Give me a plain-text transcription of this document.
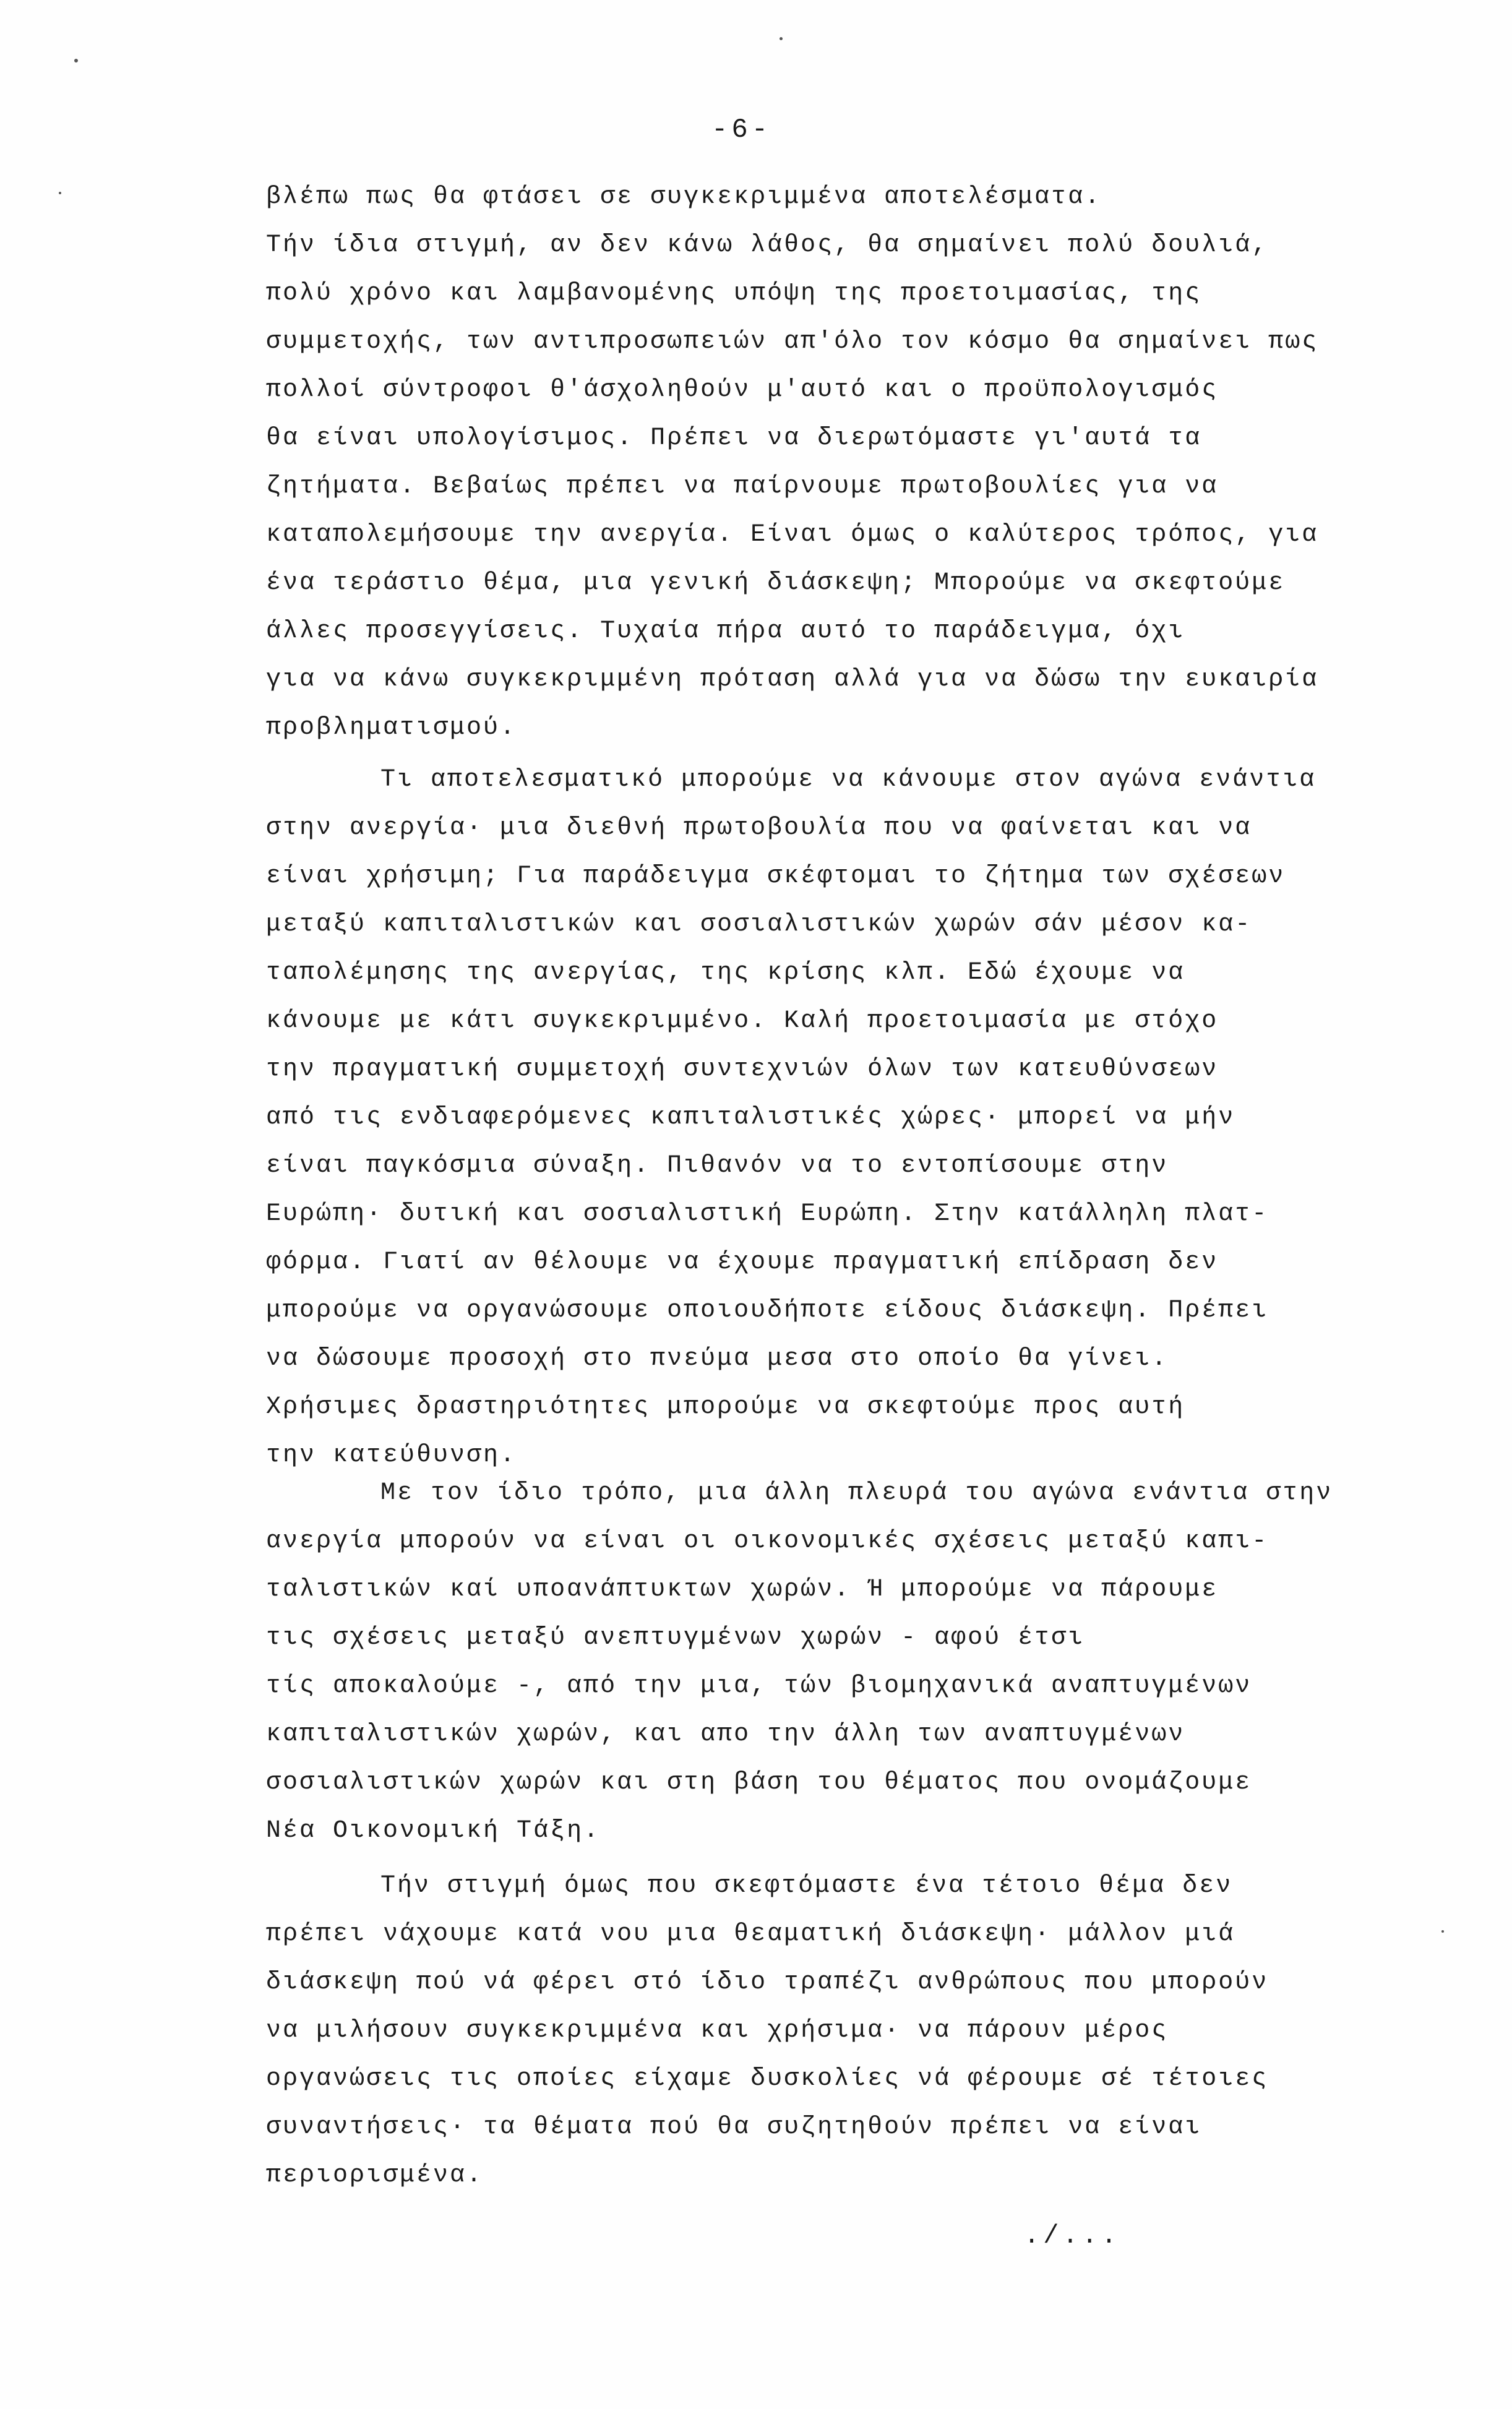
-6-
βλέπω πως θα φτάσει σε συγκεκριμμένα αποτελέσματα.
Τήν ίδια στιγμή, αν δεν κάνω λάθος, θα σημαίνει πολύ δουλιά,
πολύ χρόνο και λαμβανομένης υπόψη της προετοιμασίας, της
συμμετοχής, των αντιπροσωπειών απ'όλο τον κόσμο θα σημαίνει πως
πολλοί σύντροφοι θ'άσχοληθούν μ'αυτό και ο προϋπολογισμός
θα είναι υπολογίσιμος. Πρέπει να διερωτόμαστε γι'αυτά τα
ζητήματα. Βεβαίως πρέπει να παίρνουμε πρωτοβουλίες για να
καταπολεμήσουμε την ανεργία. Είναι όμως ο καλύτερος τρόπος, για
ένα τεράστιο θέμα, μια γενική διάσκεψη; Μπορούμε να σκεφτούμε
άλλες προσεγγίσεις. Τυχαία πήρα αυτό το παράδειγμα, όχι
για να κάνω συγκεκριμμένη πρόταση αλλά για να δώσω την ευκαιρία
προβληματισμού.
Τι αποτελεσματικό μπορούμε να κάνουμε στον αγώνα ενάντια
στην ανεργία· μια διεθνή πρωτοβουλία που να φαίνεται και να
είναι χρήσιμη; Για παράδειγμα σκέφτομαι το ζήτημα των σχέσεων
μεταξύ καπιταλιστικών και σοσιαλιστικών χωρών σάν μέσον κα-
ταπολέμησης της ανεργίας, της κρίσης κλπ. Εδώ έχουμε να
κάνουμε με κάτι συγκεκριμμένο. Καλή προετοιμασία με στόχο
την πραγματική συμμετοχή συντεχνιών όλων των κατευθύνσεων
από τις ενδιαφερόμενες καπιταλιστικές χώρες· μπορεί να μήν
είναι παγκόσμια σύναξη. Πιθανόν να το εντοπίσουμε στην
Ευρώπη· δυτική και σοσιαλιστική Ευρώπη. Στην κατάλληλη πλατ-
φόρμα. Γιατί αν θέλουμε να έχουμε πραγματική επίδραση δεν
μπορούμε να οργανώσουμε οποιουδήποτε είδους διάσκεψη. Πρέπει
να δώσουμε προσοχή στο πνεύμα μεσα στο οποίο θα γίνει.
Χρήσιμες δραστηριότητες μπορούμε να σκεφτούμε προς αυτή
την κατεύθυνση.
Με τον ίδιο τρόπο, μια άλλη πλευρά του αγώνα ενάντια στην
ανεργία μπορούν να είναι οι οικονομικές σχέσεις μεταξύ καπι-
ταλιστικών καί υποανάπτυκτων χωρών. Ή μπορούμε να πάρουμε
τις σχέσεις μεταξύ ανεπτυγμένων χωρών - αφού έτσι
τίς αποκαλούμε -, από την μια, τών βιομηχανικά αναπτυγμένων
καπιταλιστικών χωρών, και απο την άλλη των αναπτυγμένων
σοσιαλιστικών χωρών και στη βάση του θέματος που ονομάζουμε
Νέα Οικονομική Τάξη.
Τήν στιγμή όμως που σκεφτόμαστε ένα τέτοιο θέμα δεν
πρέπει νάχουμε κατά νου μια θεαματική διάσκεψη· μάλλον μιά
διάσκεψη πού νά φέρει στό ίδιο τραπέζι ανθρώπους που μπορούν
να μιλήσουν συγκεκριμμένα και χρήσιμα· να πάρουν μέρος
οργανώσεις τις οποίες είχαμε δυσκολίες νά φέρουμε σέ τέτοιες
συναντήσεις· τα θέματα πού θα συζητηθούν πρέπει να είναι
περιορισμένα.
./...
